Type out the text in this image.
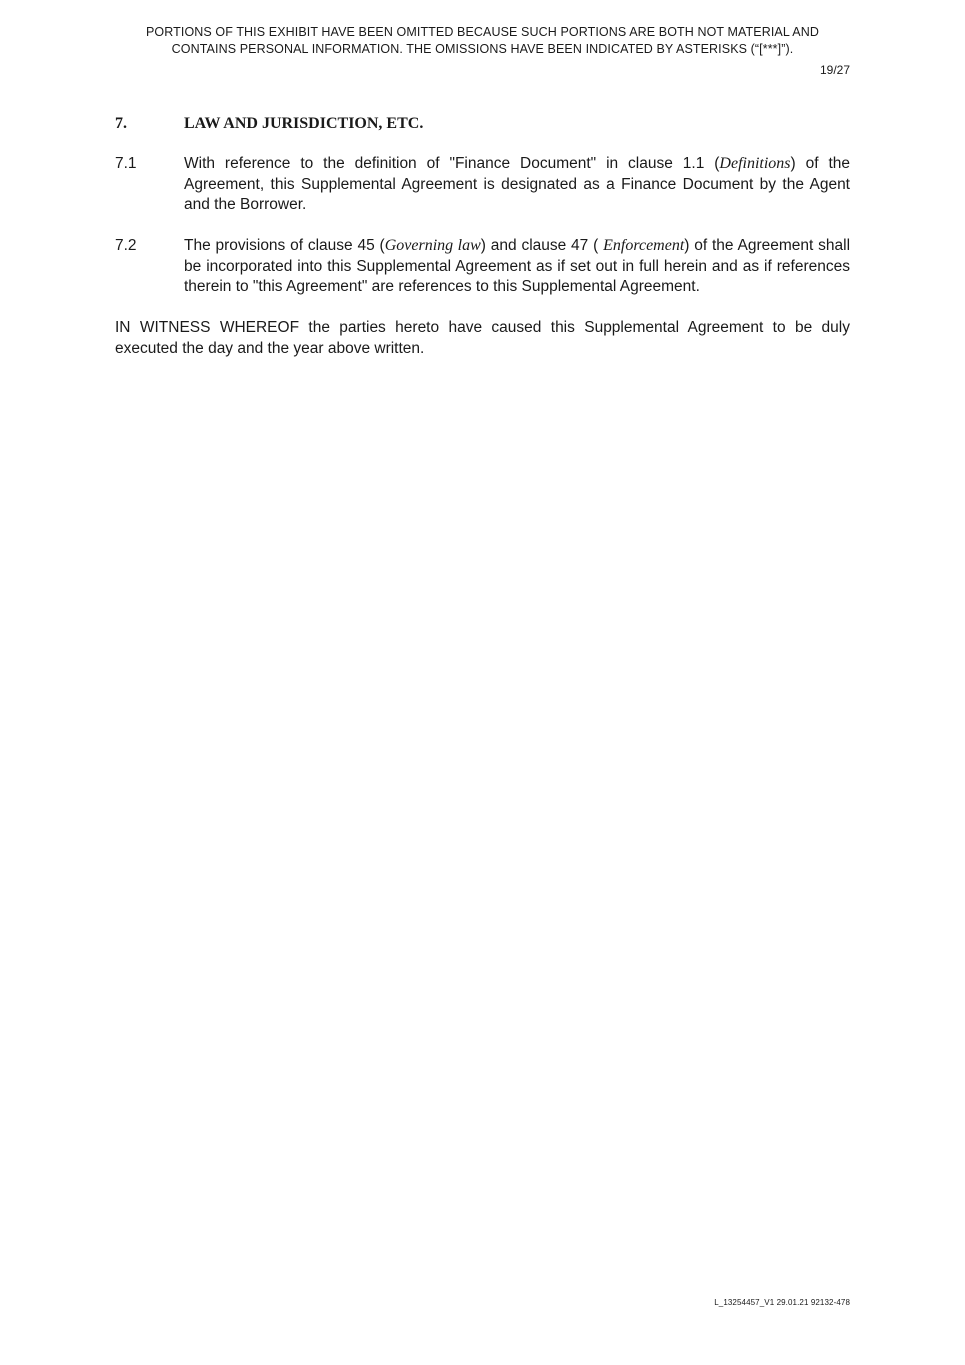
PORTIONS OF THIS EXHIBIT HAVE BEEN OMITTED BECAUSE SUCH PORTIONS ARE BOTH NOT MATERIAL AND
CONTAINS PERSONAL INFORMATION. THE OMISSIONS HAVE BEEN INDICATED BY ASTERISKS (“[***]”).
19/27
7.	LAW AND JURISDICTION, ETC.
7.1	With reference to the definition of "Finance Document" in clause 1.1 (Definitions) of the Agreement, this Supplemental Agreement is designated as a Finance Document by the Agent and the Borrower.
7.2	The provisions of clause 45 (Governing law) and clause 47 ( Enforcement) of the Agreement shall be incorporated into this Supplemental Agreement as if set out in full herein and as if references therein to "this Agreement" are references to this Supplemental Agreement.
IN WITNESS WHEREOF the parties hereto have caused this Supplemental Agreement to be duly executed the day and the year above written.
L_13254457_V1 29.01.21 92132-478
